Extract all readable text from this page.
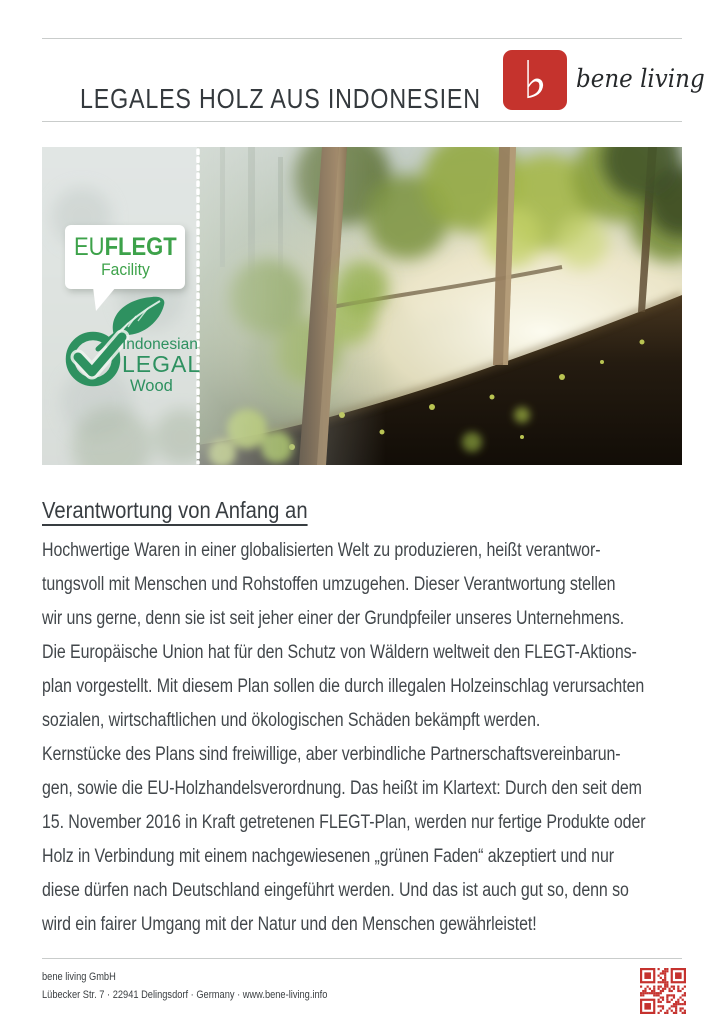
LEGALES HOLZ AUS INDONESIEN ♭ bene living
EUFLEGT
Facility
Indonesian
LEGAL
Wood
Verantwortung von Anfang an
Hochwertige Waren in einer globalisierten Welt zu produzieren, heißt verantwor-
tungsvoll mit Menschen und Rohstoffen umzugehen. Dieser Verantwortung stellen
wir uns gerne, denn sie ist seit jeher einer der Grundpfeiler unseres Unternehmens.
Die Europäische Union hat für den Schutz von Wäldern weltweit den FLEGT-Aktions-
plan vorgestellt. Mit diesem Plan sollen die durch illegalen Holzeinschlag verursachten
sozialen, wirtschaftlichen und ökologischen Schäden bekämpft werden.
Kernstücke des Plans sind freiwillige, aber verbindliche Partnerschaftsvereinbarun-
gen, sowie die EU-Holzhandelsverordnung. Das heißt im Klartext: Durch den seit dem
15. November 2016 in Kraft getretenen FLEGT-Plan, werden nur fertige Produkte oder
Holz in Verbindung mit einem nachgewiesenen „grünen Faden“ akzeptiert und nur
diese dürfen nach Deutschland eingeführt werden. Und das ist auch gut so, denn so
wird ein fairer Umgang mit der Natur und den Menschen gewährleistet!
bene living GmbH
Lübecker Str. 7 · 22941 Delingsdorf · Germany · www.bene-living.info
